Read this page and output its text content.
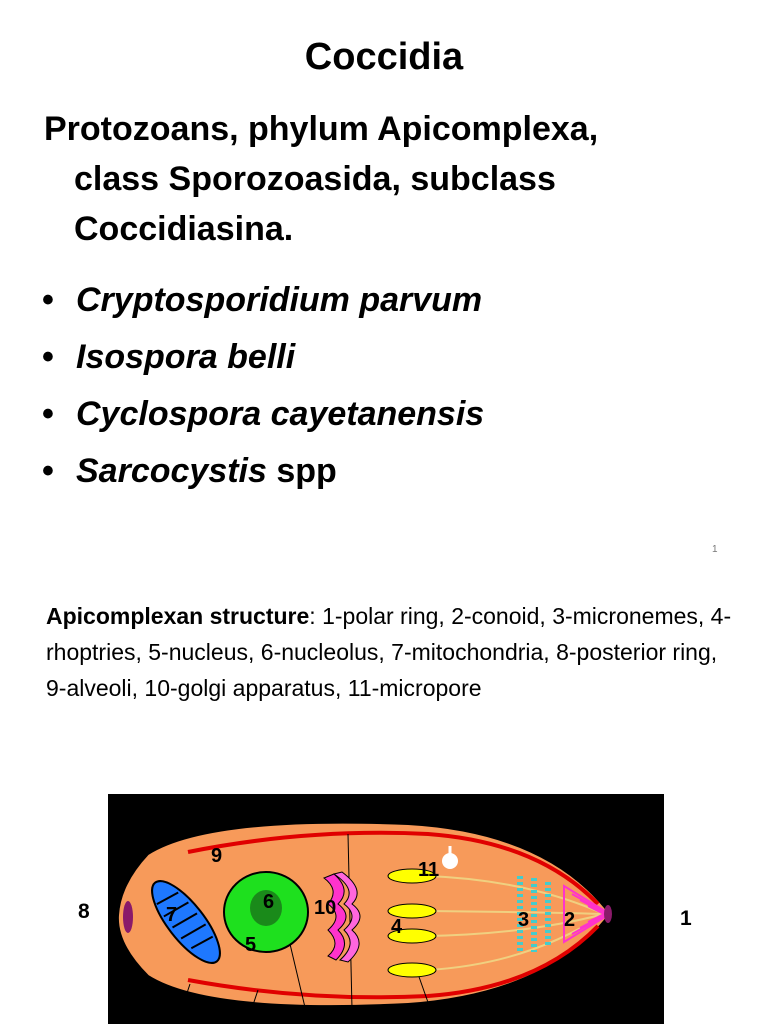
Coccidia

Protozoans, phylum Apicomplexa,
class Sporozoasida, subclass
Coccidiasina.

• Cryptosporidium parvum
• Isospora belli
• Cyclospora cayetanensis
• Sarcocystis spp
1

Apicomplexan structure: 1-polar ring, 2-conoid, 3-micronemes, 4-rhoptries, 5-nucleus, 6-nucleolus, 7-mitochondria, 8-posterior ring, 9-alveoli, 10-golgi apparatus, 11-micropore

8	1
9
11
7
6 10
4
5
3 2
